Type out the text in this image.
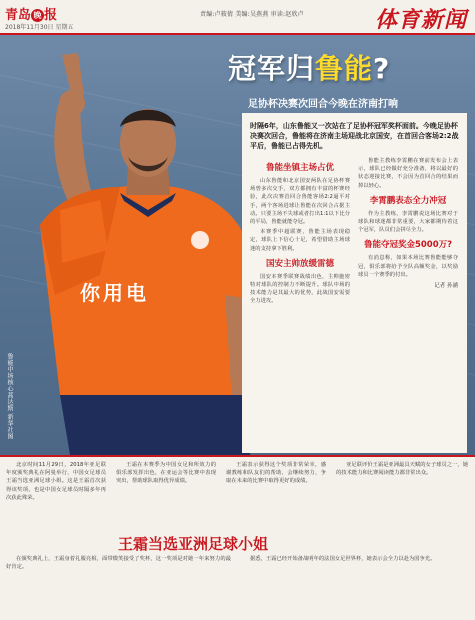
青岛 晚 报
2018年11月30日 星期五
责编:卢筱倩 美编:吴燕燕 审读:赵欣卢	体育新闻
你用电
鲁能中场核心蒿达斯 新华社图
冠军归鲁能?
足协杯决赛次回合今晚在济南打响
时隔6年，山东鲁能又一次站在了足协杯冠军奖杯面前。今晚足协杯决赛次回合，鲁能将在济南主场迎战北京国安，在首回合客场2:2战平后，鲁能已占得先机。
鲁能坐镇主场占优

山东鲁能和北京国安两队在足协杯赛场曾多次交手，双方都拥有丰富的杯赛经验，此次决赛首回合鲁能客场2:2逼平对手，两个客场进球让鲁能在次回合占据主动。只要主场不失球或者打出1:1以下比分的平局，鲁能就能夺冠。

本赛季中超联赛，鲁能主场表现稳定，球队上下信心十足，希望借助主场球迷的支持拿下胜利。

国安主帅放缓雷德

国安本赛季联赛战绩出色，主帅施密特对球队的控制力不断提升。球队中场的技术能力是其最大的优势，此战国安需要全力进攻。

鲁能主教练李霄鹏在赛前发布会上表示，球队已经做好充分准备，将以最好的状态迎接比赛，不会因为首回合的结果而掉以轻心。

李霄鹏表态全力冲冠

作为主教练，李霄鹏说这场比赛对于球队和球迷都非常重要，大家都期待着这个冠军，队员们会拼尽全力。

鲁能夺冠奖金5000万?

有消息称，如果本场比赛鲁能能够夺冠，俱乐部将给予全队高额奖金，以奖励球员一个赛季的付出。

记者 孙涵

北京时间11月29日，2018年亚足联年度颁奖典礼在阿曼举行，中国女足球员王霜当选亚洲足球小姐。这是王霜首次获得该奖项，也是中国女足球员时隔多年再次获此殊荣。

王霜在本赛季为中国女足和所效力的俱乐部发挥出色，在亚运会等比赛中表现突出，帮助球队取得优异成绩。

王霜表示获得这个奖项非常荣幸，感谢教练和队友们的帮助，会继续努力，争取在未来的比赛中取得更好的成绩。

亚足联评价王霜是亚洲最具天赋的女子球员之一，她的技术能力和比赛阅读能力都非常出众。

王霜当选亚洲足球小姐

在颁奖典礼上，王霜身着礼服亮相，面带微笑接受了奖杯，这一奖项是对她一年来努力的最好肯定。

据悉，王霜已经开始备战明年的法国女足世界杯，她表示会全力以赴为国争光。
